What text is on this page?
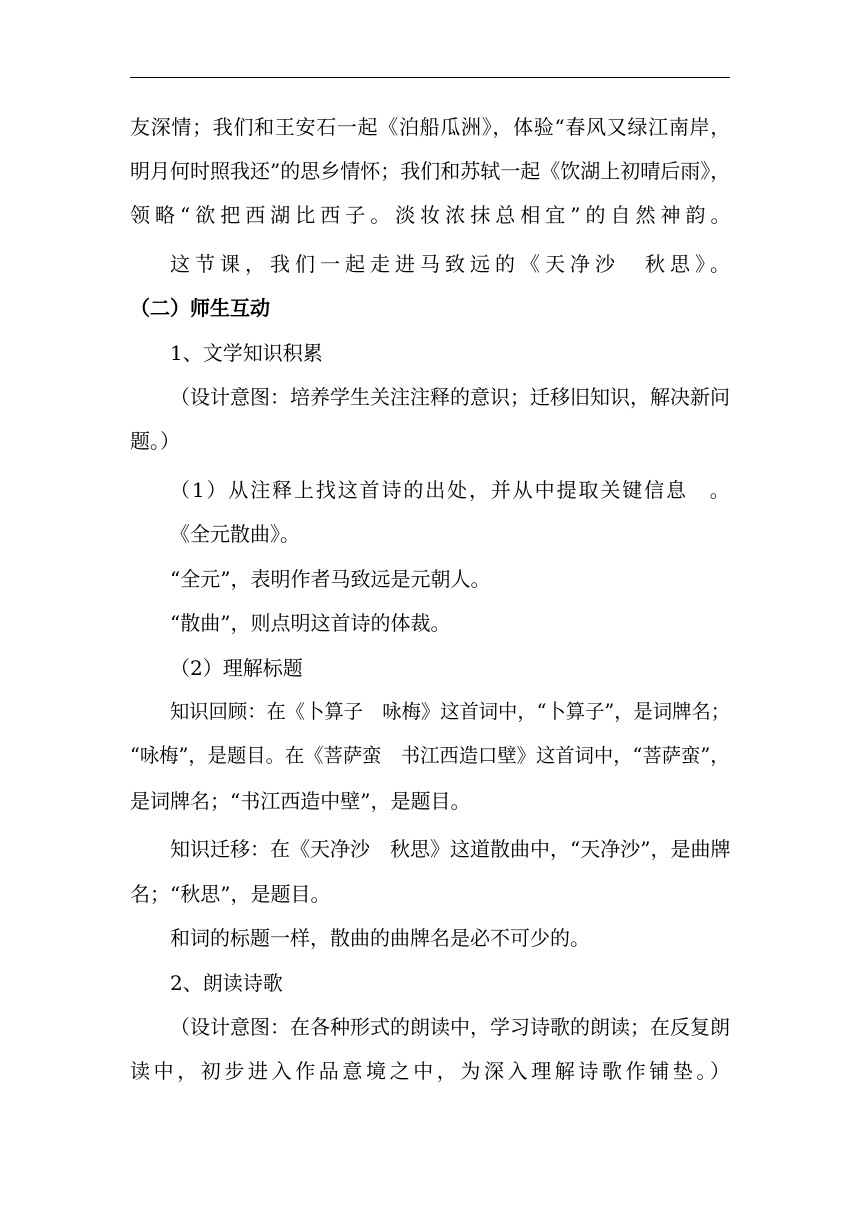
友深情；我们和王安石一起《泊船瓜洲》，体验“春风又绿江南岸，
明月何时照我还”的思乡情怀；我们和苏轼一起《饮湖上初晴后雨》，
领略“欲把西湖比西子。淡妆浓抹总相宜”的自然神韵。
这节课，我们一起走进马致远的《天净沙　秋思》。
（二）师生互动
1、文学知识积累
（设计意图：培养学生关注注释的意识；迁移旧知识，解决新问
题。）
（1）从注释上找这首诗的出处，并从中提取关键信息　。
《全元散曲》。
“全元”，表明作者马致远是元朝人。
“散曲”，则点明这首诗的体裁。
（2）理解标题
知识回顾：在《卜算子　咏梅》这首词中，“卜算子”，是词牌名；
“咏梅”，是题目。在《菩萨蛮　书江西造口壁》这首词中，“菩萨蛮”，
是词牌名；“书江西造中壁”，是题目。
知识迁移：在《天净沙　秋思》这道散曲中，“天净沙”，是曲牌
名；“秋思”，是题目。
和词的标题一样，散曲的曲牌名是必不可少的。
2、朗读诗歌
（设计意图：在各种形式的朗读中，学习诗歌的朗读；在反复朗
读中，初步进入作品意境之中，为深入理解诗歌作铺垫。）
